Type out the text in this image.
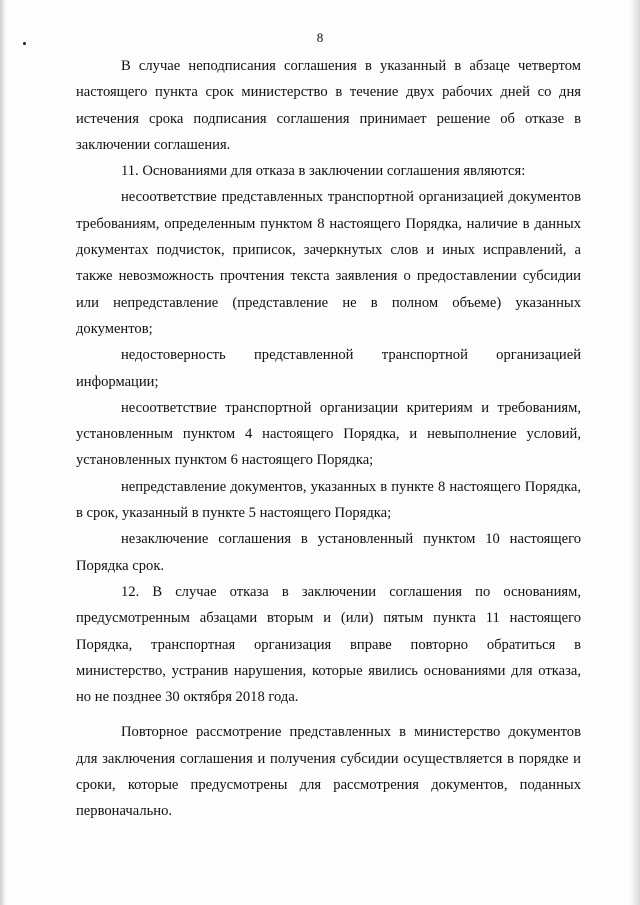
8

В случае неподписания соглашения в указанный в абзаце четвертом настоящего пункта срок министерство в течение двух рабочих дней со дня истечения срока подписания соглашения принимает решение об отказе в заключении соглашения.

11. Основаниями для отказа в заключении соглашения являются:

несоответствие представленных транспортной организацией документов требованиям, определенным пунктом 8 настоящего Порядка, наличие в данных документах подчисток, приписок, зачеркнутых слов и иных исправлений, а также невозможность прочтения текста заявления о предоставлении субсидии или непредставление (представление не в полном объеме) указанных документов;

недостоверность представленной транспортной организацией информации;

несоответствие транспортной организации критериям и требованиям, установленным пунктом 4 настоящего Порядка, и невыполнение условий, установленных пунктом 6 настоящего Порядка;

непредставление документов, указанных в пункте 8 настоящего Порядка, в срок, указанный в пункте 5 настоящего Порядка;

незаключение соглашения в установленный пунктом 10 настоящего Порядка срок.

12. В случае отказа в заключении соглашения по основаниям, предусмотренным абзацами вторым и (или) пятым пункта 11 настоящего Порядка, транспортная организация вправе повторно обратиться в министерство, устранив нарушения, которые явились основаниями для отказа, но не позднее 30 октября 2018 года.

Повторное рассмотрение представленных в министерство документов для заключения соглашения и получения субсидии осуществляется в порядке и сроки, которые предусмотрены для рассмотрения документов, поданных первоначально.
